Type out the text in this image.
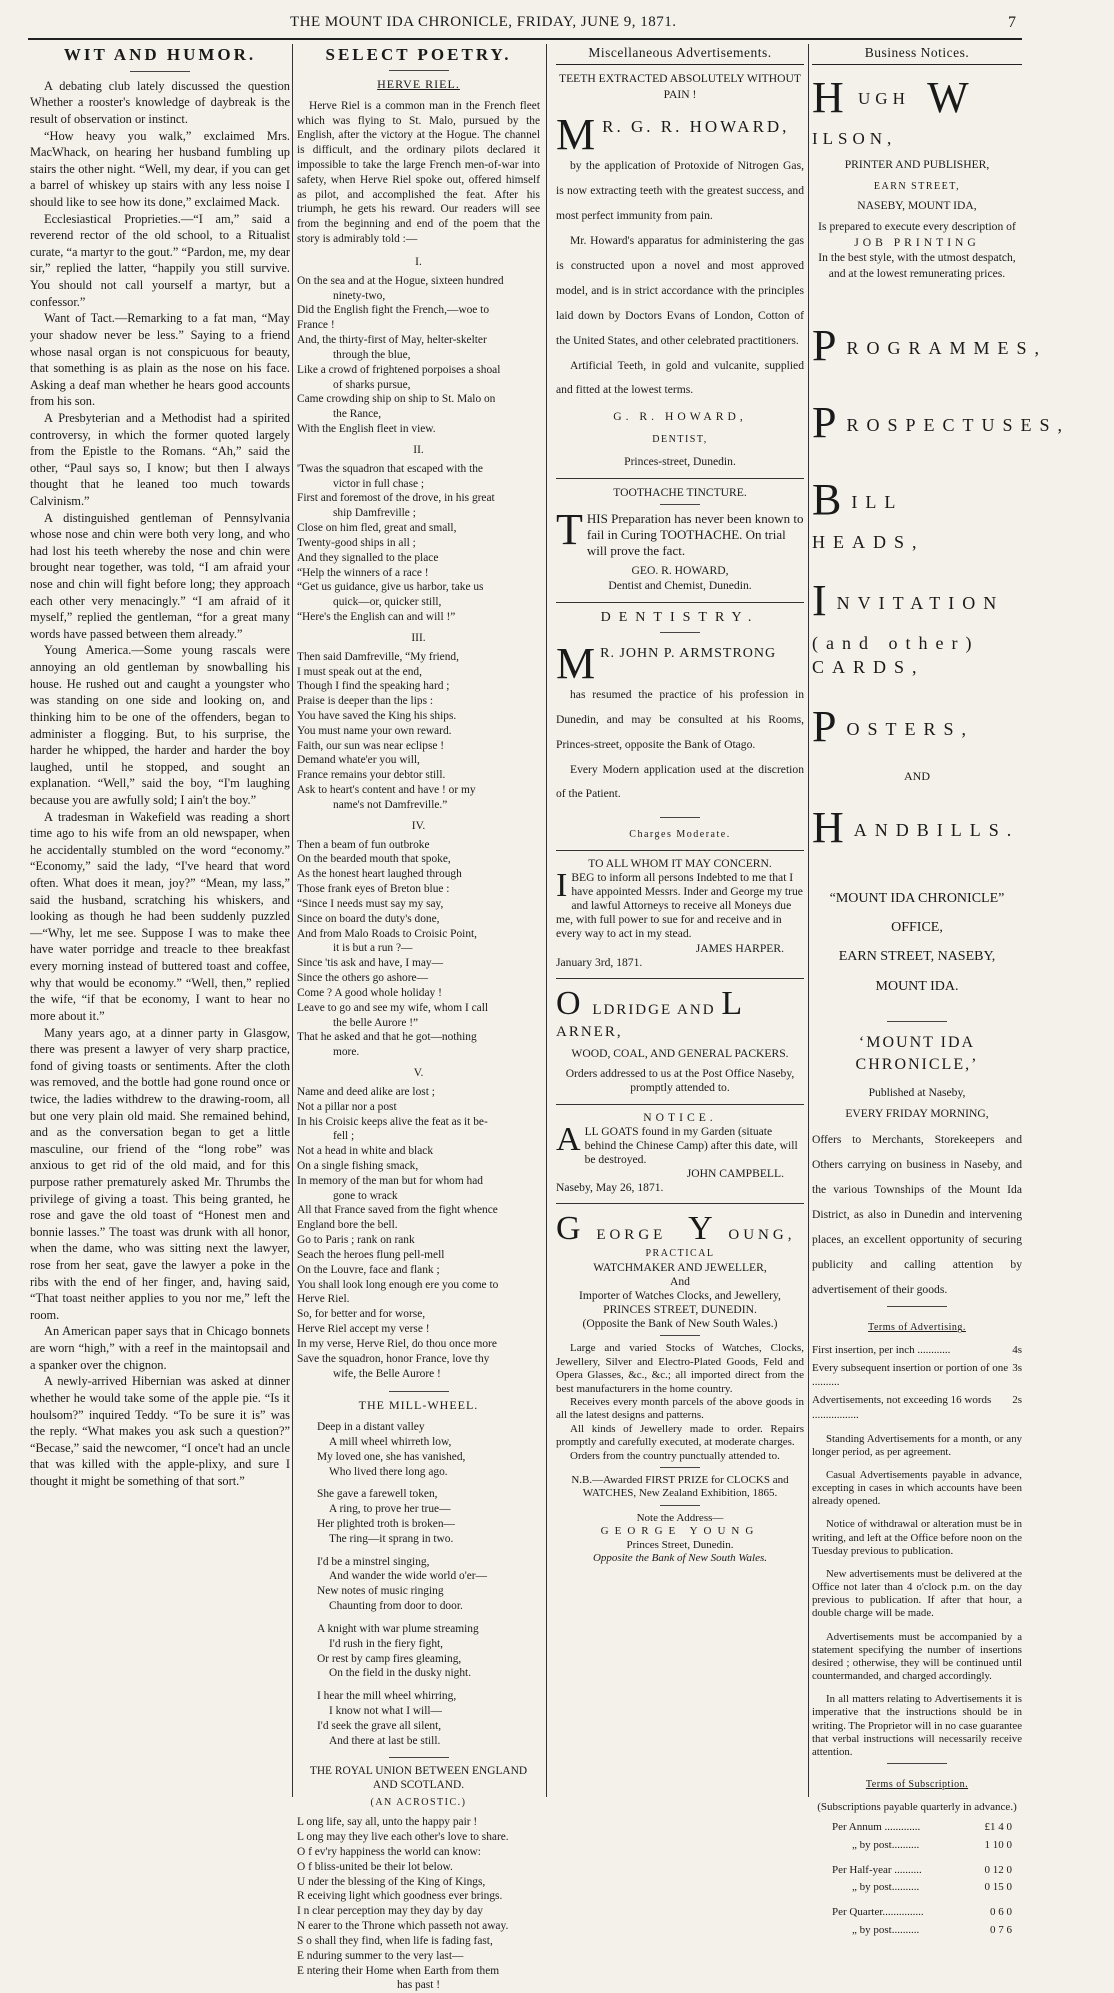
THE MOUNT IDA CHRONICLE, FRIDAY, JUNE 9, 1871.	7
WIT AND HUMOR.

A debating club lately discussed the question Whether a rooster's knowledge of daybreak is the result of observation or instinct.

“How heavy you walk,” exclaimed Mrs. MacWhack, on hearing her husband fumbling up stairs the other night. “Well, my dear, if you can get a barrel of whiskey up stairs with any less noise I should like to see how its done,” exclaimed Mack.

Ecclesiastical Proprieties.—“I am,” said a reverend rector of the old school, to a Ritualist curate, “a martyr to the gout.” “Pardon, me, my dear sir,” replied the latter, “happily you still survive. You should not call yourself a martyr, but a confessor.”

Want of Tact.—Remarking to a fat man, “May your shadow never be less.” Saying to a friend whose nasal organ is not conspicuous for beauty, that something is as plain as the nose on his face. Asking a deaf man whether he hears good accounts from his son.

A Presbyterian and a Methodist had a spirited controversy, in which the former quoted largely from the Epistle to the Romans. “Ah,” said the other, “Paul says so, I know; but then I always thought that he leaned too much towards Calvinism.”

A distinguished gentleman of Pennsylvania whose nose and chin were both very long, and who had lost his teeth whereby the nose and chin were brought near together, was told, “I am afraid your nose and chin will fight before long; they approach each other very menacingly.” “I am afraid of it myself,” replied the gentleman, “for a great many words have passed between them already.”

Young America.—Some young rascals were annoying an old gentleman by snowballing his house. He rushed out and caught a youngster who was standing on one side and looking on, and thinking him to be one of the offenders, began to administer a flogging. But, to his surprise, the harder he whipped, the harder and harder the boy laughed, until he stopped, and sought an explanation. “Well,” said the boy, “I'm laughing because you are awfully sold; I ain't the boy.”

A tradesman in Wakefield was reading a short time ago to his wife from an old newspaper, when he accidentally stumbled on the word “economy.” “Economy,” said the lady, “I've heard that word often. What does it mean, joy?” “Mean, my lass,” said the husband, scratching his whiskers, and looking as though he had been suddenly puzzled—“Why, let me see. Suppose I was to make thee have water porridge and treacle to thee breakfast every morning instead of buttered toast and coffee, why that would be economy.” “Well, then,” replied the wife, “if that be economy, I want to hear no more about it.”

Many years ago, at a dinner party in Glasgow, there was present a lawyer of very sharp practice, fond of giving toasts or sentiments. After the cloth was removed, and the bottle had gone round once or twice, the ladies withdrew to the drawing-room, all but one very plain old maid. She remained behind, and as the conversation began to get a little masculine, our friend of the “long robe” was anxious to get rid of the old maid, and for this purpose rather prematurely asked Mr. Thrumbs the privilege of giving a toast. This being granted, he rose and gave the old toast of “Honest men and bonnie lasses.” The toast was drunk with all honor, when the dame, who was sitting next the lawyer, rose from her seat, gave the lawyer a poke in the ribs with the end of her finger, and, having said, “That toast neither applies to you nor me,” left the room.

An American paper says that in Chicago bonnets are worn “high,” with a reef in the maintopsail and a spanker over the chignon.

A newly-arrived Hibernian was asked at dinner whether he would take some of the apple pie. “Is it houlsom?” inquired Teddy. “To be sure it is” was the reply. “What makes you ask such a question?” “Becase,” said the newcomer, “I once't had an uncle that was killed with the apple-plixy, and sure I thought it might be something of that sort.”

SELECT POETRY.
HERVE RIEL.
Herve Riel is a common man in the French fleet which was flying to St. Malo, pursued by the English, after the victory at the Hogue. The channel is difficult, and the ordinary pilots declared it impossible to take the large French men-of-war into safety, when Herve Riel spoke out, offered himself as pilot, and accomplished the feat. After his triumph, he gets his reward. Our readers will see from the beginning and end of the poem that the story is admirably told :—
I.
On the sea and at the Hogue, sixteen hundred
ninety-two,
Did the English fight the French,—woe to
France !
And, the thirty-first of May, helter-skelter
through the blue,
Like a crowd of frightened porpoises a shoal
of sharks pursue,
Came crowding ship on ship to St. Malo on
the Rance,
With the English fleet in view.
II.
'Twas the squadron that escaped with the
victor in full chase ;
First and foremost of the drove, in his great
ship Damfreville ;
Close on him fled, great and small,
Twenty-good ships in all ;
And they signalled to the place
“Help the winners of a race !
“Get us guidance, give us harbor, take us
quick—or, quicker still,
“Here's the English can and will !”
III.
Then said Damfreville, “My friend,
I must speak out at the end,
Though I find the speaking hard ;
Praise is deeper than the lips :
You have saved the King his ships.
You must name your own reward.
Faith, our sun was near eclipse !
Demand whate'er you will,
France remains your debtor still.
Ask to heart's content and have ! or my
name's not Damfreville.”
IV.
Then a beam of fun outbroke
On the bearded mouth that spoke,
As the honest heart laughed through
Those frank eyes of Breton blue :
“Since I needs must say my say,
Since on board the duty's done,
And from Malo Roads to Croisic Point,
it is but a run ?—
Since 'tis ask and have, I may—
Since the others go ashore—
Come ? A good whole holiday !
Leave to go and see my wife, whom I call
the belle Aurore !”
That he asked and that he got—nothing
more.
V.
Name and deed alike are lost ;
Not a pillar nor a post
In his Croisic keeps alive the feat as it be-
fell ;
Not a head in white and black
On a single fishing smack,
In memory of the man but for whom had
gone to wrack
All that France saved from the fight whence
England bore the bell.
Go to Paris ; rank on rank
Seach the heroes flung pell-mell
On the Louvre, face and flank ;
You shall look long enough ere you come to
Herve Riel.
So, for better and for worse,
Herve Riel accept my verse !
In my verse, Herve Riel, do thou once more
Save the squadron, honor France, love thy
wife, the Belle Aurore !
THE MILL-WHEEL.
Deep in a distant valley
A mill wheel whirreth low,
My loved one, she has vanished,
Who lived there long ago.
She gave a farewell token,
A ring, to prove her true—
Her plighted troth is broken—
The ring—it sprang in two.
I'd be a minstrel singing,
And wander the wide world o'er—
New notes of music ringing
Chaunting from door to door.
A knight with war plume streaming
I'd rush in the fiery fight,
Or rest by camp fires gleaming,
On the field in the dusky night.
I hear the mill wheel whirring,
I know not what I will—
I'd seek the grave all silent,
And there at last be still.
THE ROYAL UNION BETWEEN ENGLAND AND SCOTLAND.
(AN ACROSTIC.)
L ong life, say all, unto the happy pair !
L ong may they live each other's love to share.
O f ev'ry happiness the world can know:
O f bliss-united be their lot below.
U nder the blessing of the King of Kings,
R eceiving light which goodness ever brings.
I n clear perception may they day by day
N earer to the Throne which passeth not away.
S o shall they find, when life is fading fast,
E nduring summer to the very last—
E ntering their Home when Earth from them
has past !
Miscellaneous Advertisements.
TEETH EXTRACTED ABSOLUTELY WITHOUT PAIN !
M R. G. R. HOWARD,

by the application of Protoxide of Nitrogen Gas, is now extracting teeth with the greatest success, and most perfect immunity from pain.

Mr. Howard's apparatus for administering the gas is constructed upon a novel and most approved model, and is in strict accordance with the principles laid down by Doctors Evans of London, Cotton of the United States, and other celebrated practitioners.

Artificial Teeth, in gold and vulcanite, supplied and fitted at the lowest terms.

G. R. HOWARD,
DENTIST,
Princes-street, Dunedin.
TOOTHACHE TINCTURE.
T HIS Preparation has never been known to fail in Curing TOOTHACHE. On trial will prove the fact.
GEO. R. HOWARD,
Dentist and Chemist, Dunedin.
DENTISTRY.
M R. JOHN P. ARMSTRONG

has resumed the practice of his profession in Dunedin, and may be consulted at his Rooms, Princes-street, opposite the Bank of Otago.

Every Modern application used at the discretion of the Patient.

Charges Moderate.
TO ALL WHOM IT MAY CONCERN.
I BEG to inform all persons Indebted to me that I have appointed Messrs. Inder and George my true and lawful Attorneys to receive all Moneys due me, with full power to sue for and receive and in every way to act in my stead.
JAMES HARPER.
January 3rd, 1871.
O LDRIDGE AND L ARNER,
WOOD, COAL, AND GENERAL PACKERS.
Orders addressed to us at the Post Office Naseby, promptly attended to.
NOTICE.
A LL GOATS found in my Garden (situate behind the Chinese Camp) after this date, will be destroyed.
JOHN CAMPBELL.
Naseby, May 26, 1871.
G EORGE Y OUNG,
PRACTICAL
WATCHMAKER AND JEWELLER,
And
Importer of Watches Clocks, and Jewellery, PRINCES STREET, DUNEDIN.
(Opposite the Bank of New South Wales.)

Large and varied Stocks of Watches, Clocks, Jewellery, Silver and Electro-Plated Goods, Feld and Opera Glasses, &c., &c.; all imported direct from the best manufacturers in the home country.

Receives every month parcels of the above goods in all the latest designs and patterns.

All kinds of Jewellery made to order. Repairs promptly and carefully executed, at moderate charges.

Orders from the country punctually attended to.

N.B.—Awarded FIRST PRIZE for CLOCKS and WATCHES, New Zealand Exhibition, 1865.
Note the Address—
GEORGE YOUNG
Princes Street, Dunedin.
Opposite the Bank of New South Wales.
Business Notices.
H UGH W ILSON,
PRINTER AND PUBLISHER,
EARN STREET,
NASEBY, MOUNT IDA,
Is prepared to execute every description of
JOB PRINTING
In the best style, with the utmost despatch, and at the lowest remunerating prices.
PROGRAMMES,
PROSPECTUSES,
BILL HEADS,
INVITATION (and other) CARDS,
POSTERS,
AND
HANDBILLS.
“MOUNT IDA CHRONICLE”
OFFICE,
EARN STREET, NASEBY,
MOUNT IDA.
‘MOUNT IDA CHRONICLE,’
Published at Naseby,
EVERY FRIDAY MORNING,
Offers to Merchants, Storekeepers and Others carrying on business in Naseby, and the various Townships of the Mount Ida District, as also in Dunedin and intervening places, an excellent opportunity of securing publicity and calling attention by advertisement of their goods.
Terms of Advertising.
First insertion, per inch ............	4s
Every subsequent insertion or portion of one ..........
3s
Advertisements, not exceeding 16 words .................
2s

Standing Advertisements for a month, or any longer period, as per agreement.

Casual Advertisements payable in advance, excepting in cases in which accounts have been already opened.

Notice of withdrawal or alteration must be in writing, and left at the Office before noon on the Tuesday previous to publication.

New advertisements must be delivered at the Office not later than 4 o'clock p.m. on the day previous to publication. If after that hour, a double charge will be made.

Advertisements must be accompanied by a statement specifying the number of insertions desired ; otherwise, they will be continued until countermanded, and charged accordingly.

In all matters relating to Advertisements it is imperative that the instructions should be in writing. The Proprietor will in no case guarantee that verbal instructions will necessarily receive attention.

Terms of Subscription.
(Subscriptions payable quarterly in advance.)
Per Annum .............	£1 4 0
„ by post..........	1 10 0
Per Half-year ..........	0 12 0
„ by post..........	0 15 0
Per Quarter...............	0 6 0
„ by post..........	0 7 6
